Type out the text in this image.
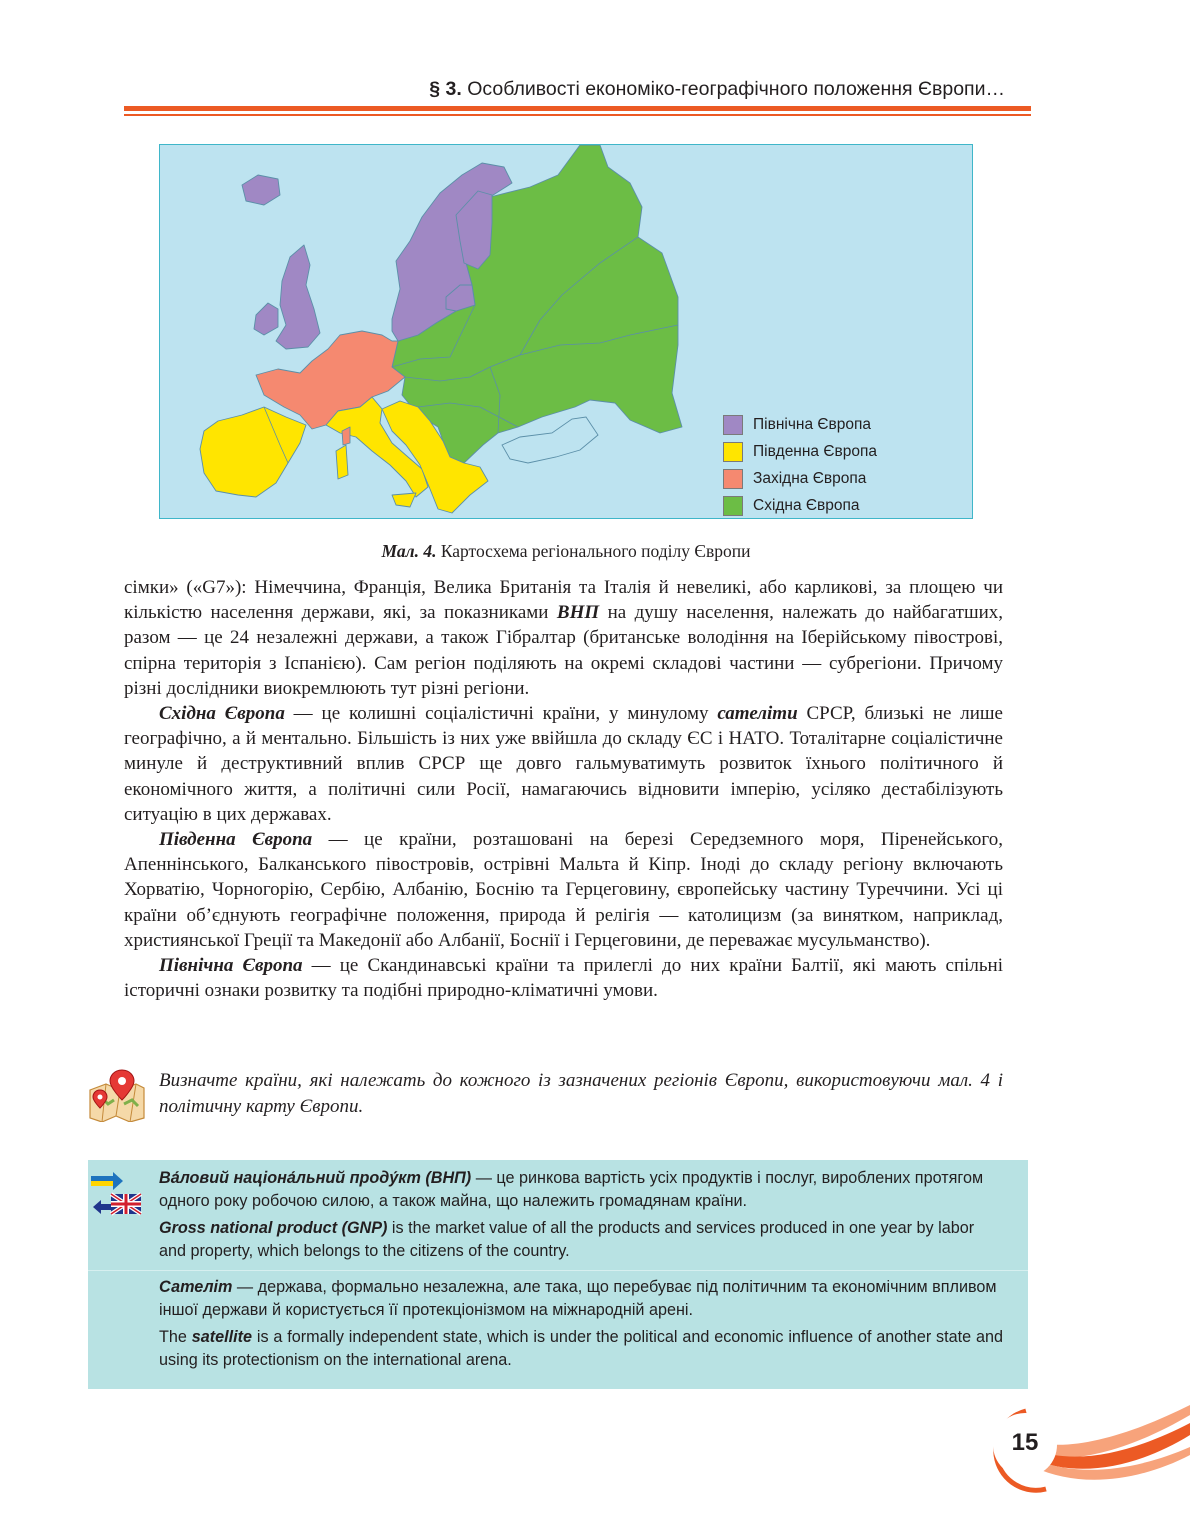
§ 3. Особливості економіко-географічного положення Європи…
Північна Європа
Південна Європа
Західна Європа
Східна Європа
Мал. 4. Картосхема регіонального поділу Європи

сімки» («G7»): Німеччина, Франція, Велика Британія та Італія й невеликі, або карликові, за площею чи кількістю населення держави, які, за показниками ВНП на душу населення, належать до найбагатших, разом — це 24 незалежні держави, а також Гібралтар (британське володіння на Іберійському півострові, спірна територія з Іспанією). Сам регіон поділяють на окремі складові частини — субрегіони. Причому різні дослідники виокремлюють тут різні регіони.

Східна Європа — це колишні соціалістичні країни, у минулому сателіти СРСР, близькі не лише географічно, а й ментально. Більшість із них уже ввійшла до складу ЄС і НАТО. Тоталітарне соціалістичне минуле й деструктивний вплив СРСР ще довго гальмуватимуть розвиток їхнього політичного й економічного життя, а політичні сили Росії, намагаючись відновити імперію, усіляко дестабілізують ситуацію в цих державах.

Південна Європа — це країни, розташовані на березі Середземного моря, Піренейського, Апеннінського, Балканського півостровів, острівні Мальта й Кіпр. Іноді до складу регіону включають Хорватію, Чорногорію, Сербію, Албанію, Боснію та Герцеговину, європейську частину Туреччини. Усі ці країни об’єднують географічне положення, природа й релігія — католицизм (за винятком, наприклад, християнської Греції та Македонії або Албанії, Боснії і Герцеговини, де переважає мусульманство).

Північна Європа — це Скандинавські країни та прилеглі до них країни Балтії, які мають спільні історичні ознаки розвитку та подібні природно-кліматичні умови.

Визначте країни, які належать до кожного із зазначених регіонів Європи, використовуючи мал. 4 і політичну карту Європи.
Ва́ловий націона́льний проду́кт (ВНП) — це ринкова вартість усіх продуктів і послуг, вироблених протягом одного року робочою силою, а також майна, що належить громадянам країни.
Gross national product (GNP) is the market value of all the products and services produced in one year by labor and property, which belongs to the citizens of the country.
Сателіт — держава, формально незалежна, але така, що перебуває під політичним та економічним впливом іншої держави й користується її протекціонізмом на міжнародній арені.
The satellite is a formally independent state, which is under the political and economic influence of another state and using its protectionism on the international arena.
15
